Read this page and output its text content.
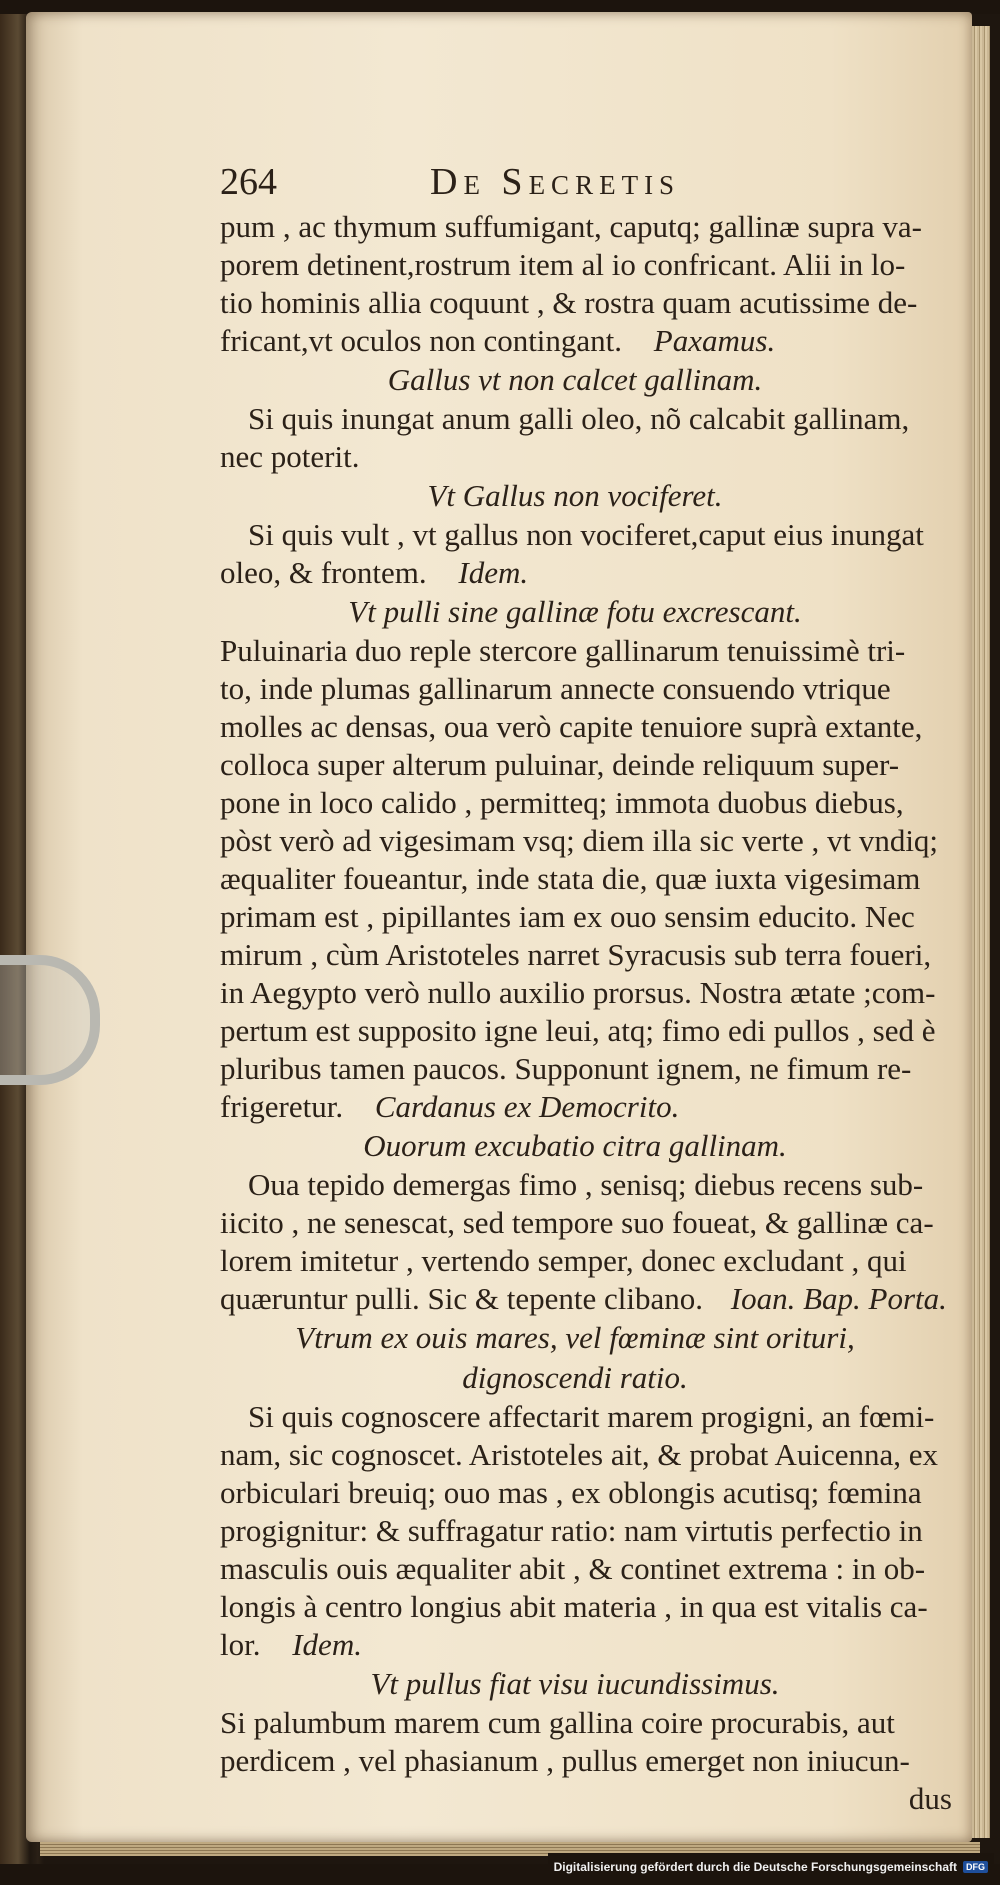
264	De Secretis
pum , ac thymum suffumigant, caputq; gallinæ supra va-
porem detinent,rostrum item al io confricant. Alii in lo-
tio hominis allia coquunt , & rostra quam acutissime de-
fricant,vt oculos non contingant. Paxamus.
Gallus vt non calcet gallinam.
Si quis inungat anum galli oleo, nõ calcabit gallinam,
nec poterit.
Vt Gallus non vociferet.
Si quis vult , vt gallus non vociferet,caput eius inungat
oleo, & frontem. Idem.
Vt pulli sine gallinæ fotu excrescant.
Puluinaria duo reple stercore gallinarum tenuissimè tri-
to, inde plumas gallinarum annecte consuendo vtrique
molles ac densas, oua verò capite tenuiore suprà extante,
colloca super alterum puluinar, deinde reliquum super-
pone in loco calido , permitteq; immota duobus diebus,
pòst verò ad vigesimam vsq; diem illa sic verte , vt vndiq;
æqualiter foueantur, inde stata die, quæ iuxta vigesimam
primam est , pipillantes iam ex ouo sensim educito. Nec
mirum , cùm Aristoteles narret Syracusis sub terra foueri,
in Aegypto verò nullo auxilio prorsus. Nostra ætate ;com-
pertum est supposito igne leui, atq; fimo edi pullos , sed è
pluribus tamen paucos. Supponunt ignem, ne fimum re-
frigeretur. Cardanus ex Democrito.
Ouorum excubatio citra gallinam.
Oua tepido demergas fimo , senisq; diebus recens sub-
iicito , ne senescat, sed tempore suo foueat, & gallinæ ca-
lorem imitetur , vertendo semper, donec excludant , qui
quæruntur pulli. Sic & tepente clibano. Ioan. Bap. Porta.
Vtrum ex ouis mares, vel fœminæ sint orituri,
dignoscendi ratio.
Si quis cognoscere affectarit marem progigni, an fœmi-
nam, sic cognoscet. Aristoteles ait, & probat Auicenna, ex
orbiculari breuiq; ouo mas , ex oblongis acutisq; fœmina
progignitur: & suffragatur ratio: nam virtutis perfectio in
masculis ouis æqualiter abit , & continet extrema : in ob-
longis à centro longius abit materia , in qua est vitalis ca-
lor. Idem.
Vt pullus fiat visu iucundissimus.
Si palumbum marem cum gallina coire procurabis, aut
perdicem , vel phasianum , pullus emerget non iniucun-
dus
Digitalisierung gefördert durch die Deutsche Forschungsgemeinschaft	DFG
